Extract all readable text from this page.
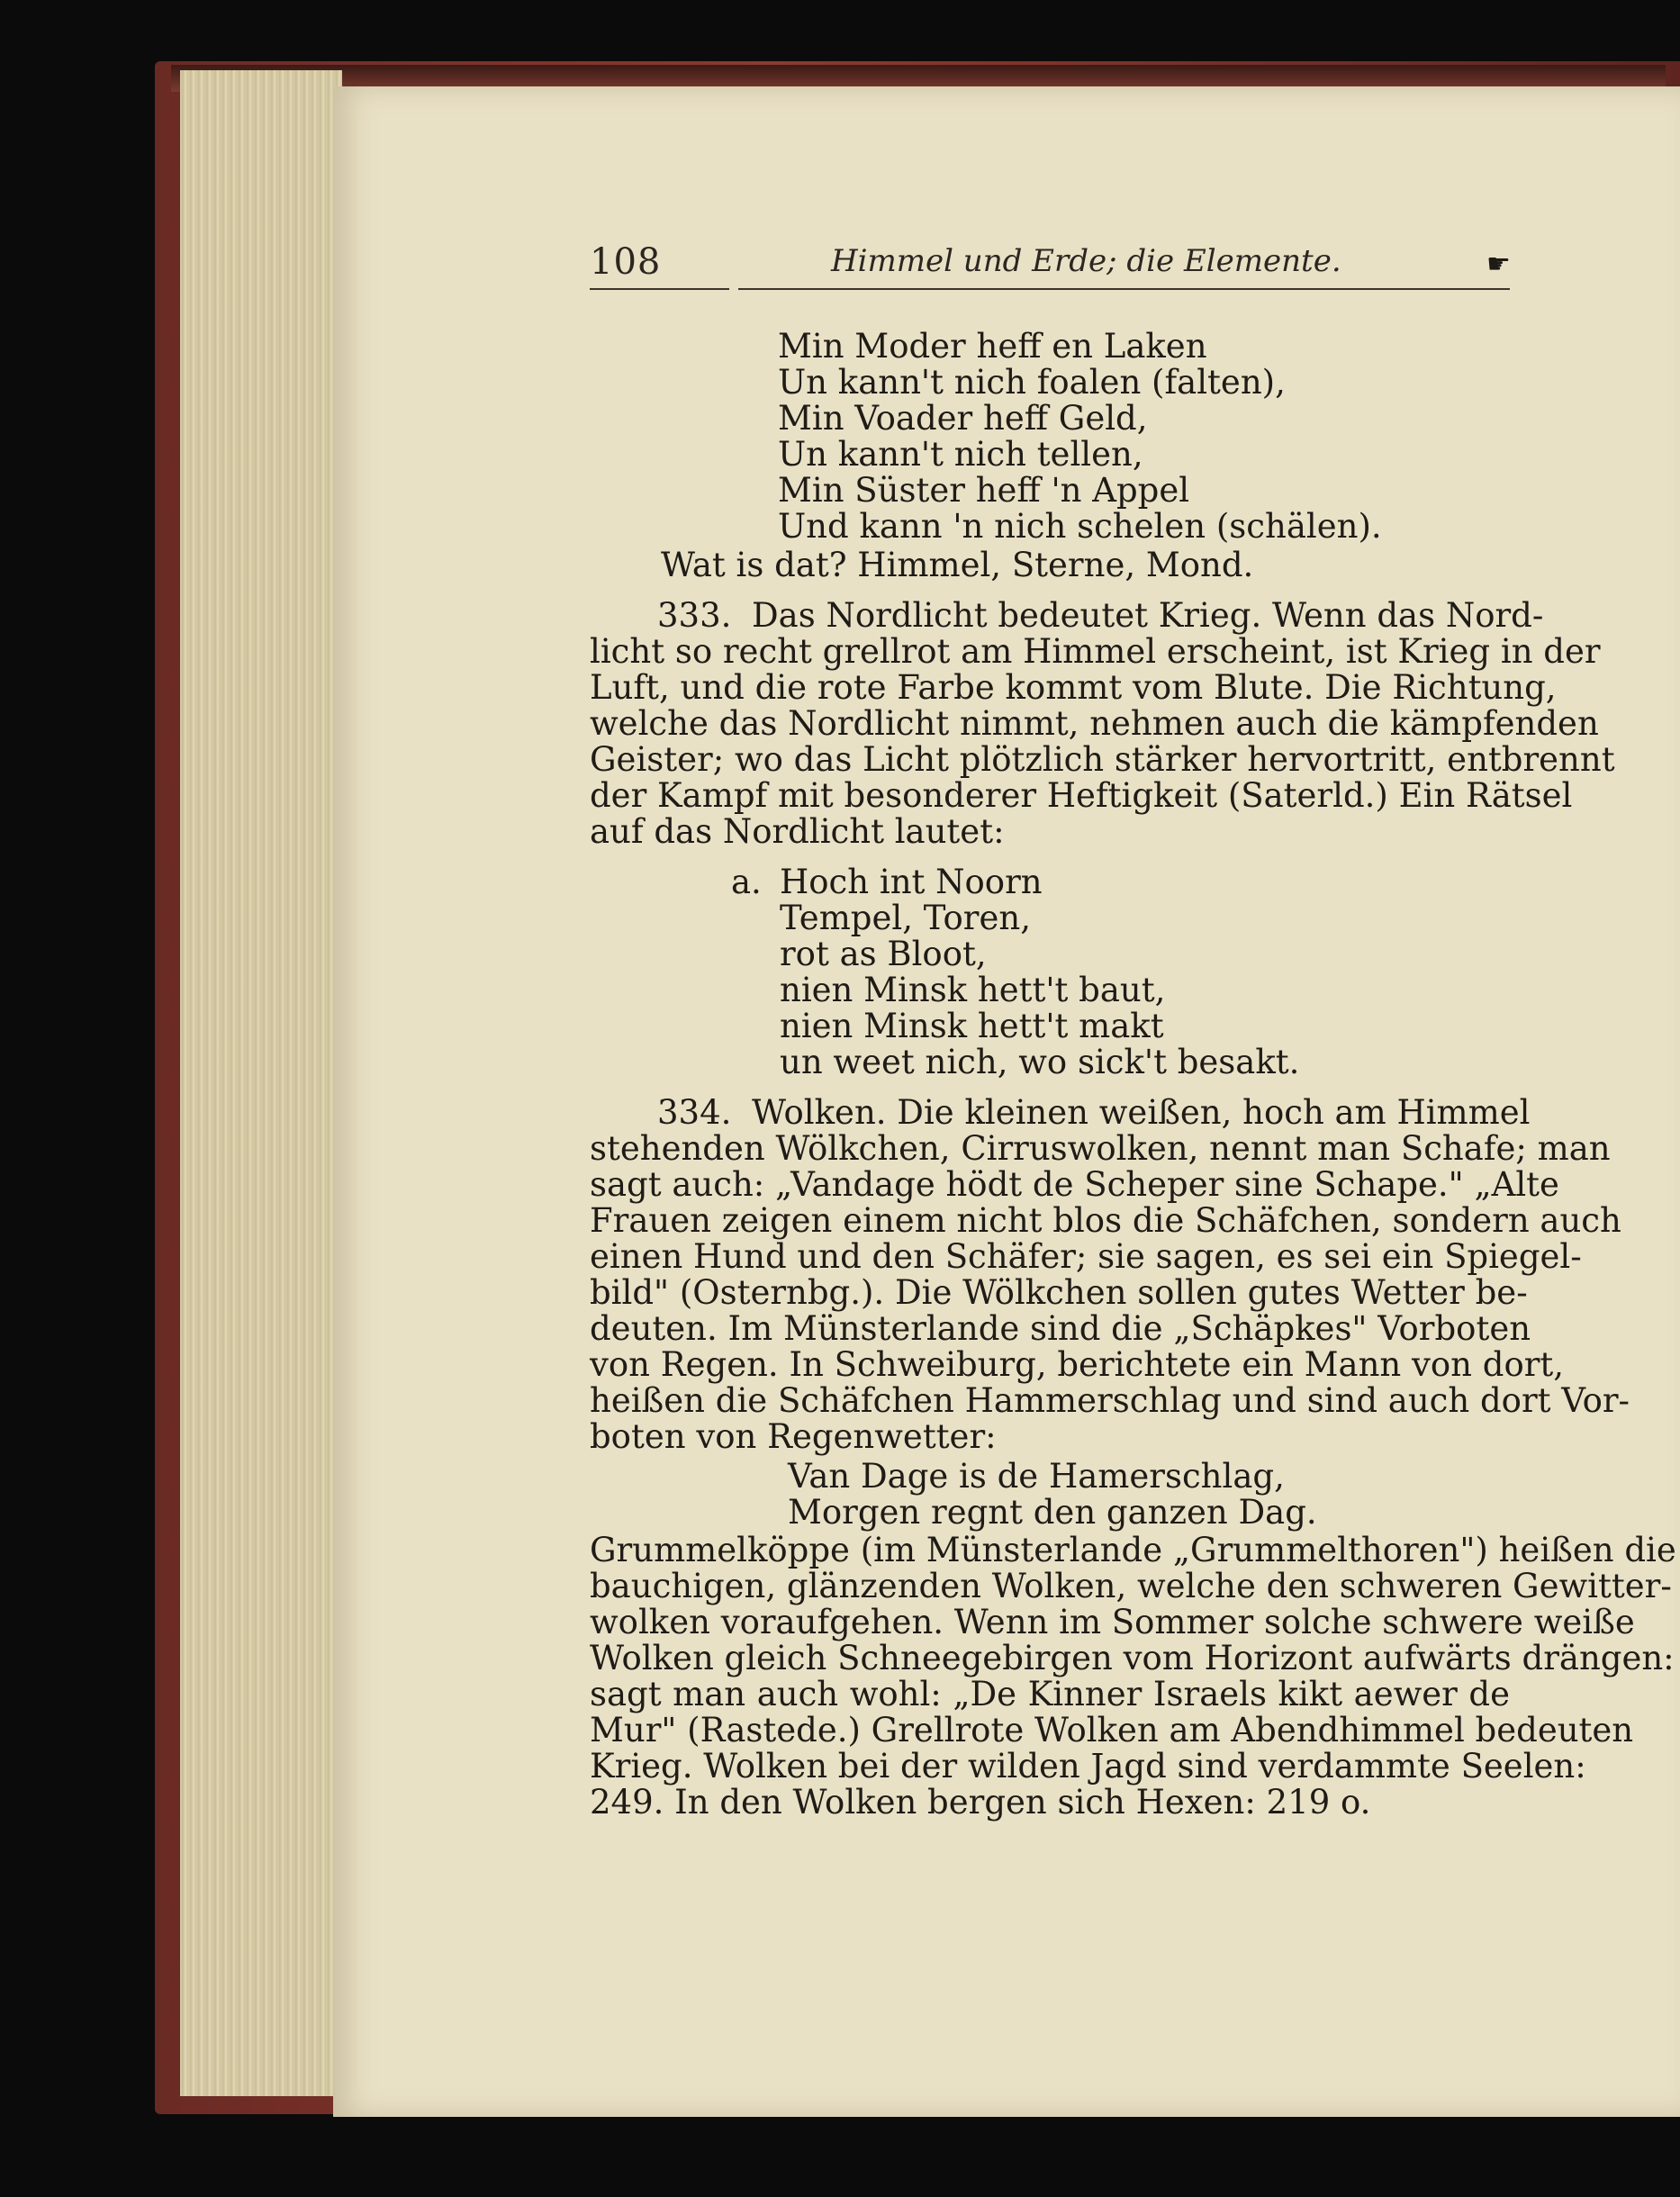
108	Himmel und Erde; die Elemente.	☛
Min Moder heff en Laken
Un kann't nich foalen (falten),
Min Voader heff Geld,
Un kann't nich tellen,
Min Süster heff 'n Appel
Und kann 'n nich schelen (schälen).
Wat is dat? Himmel, Sterne, Mond.
333. Das Nordlicht bedeutet Krieg. Wenn das Nord-
licht so recht grellrot am Himmel erscheint, ist Krieg in der
Luft, und die rote Farbe kommt vom Blute. Die Richtung,
welche das Nordlicht nimmt, nehmen auch die kämpfenden
Geister; wo das Licht plötzlich stärker hervortritt, entbrennt
der Kampf mit besonderer Heftigkeit (Saterld.) Ein Rätsel
auf das Nordlicht lautet:
a. Hoch int Noorn
Tempel, Toren,
rot as Bloot,
nien Minsk hett't baut,
nien Minsk hett't makt
un weet nich, wo sick't besakt.
334. Wolken. Die kleinen weißen, hoch am Himmel
stehenden Wölkchen, Cirruswolken, nennt man Schafe; man
sagt auch: „Vandage hödt de Scheper sine Schape." „Alte
Frauen zeigen einem nicht blos die Schäfchen, sondern auch
einen Hund und den Schäfer; sie sagen, es sei ein Spiegel-
bild" (Osternbg.). Die Wölkchen sollen gutes Wetter be-
deuten. Im Münsterlande sind die „Schäpkes" Vorboten
von Regen. In Schweiburg, berichtete ein Mann von dort,
heißen die Schäfchen Hammerschlag und sind auch dort Vor-
boten von Regenwetter:
Van Dage is de Hamerschlag,
Morgen regnt den ganzen Dag.
Grummelköppe (im Münsterlande „Grummelthoren") heißen die
bauchigen, glänzenden Wolken, welche den schweren Gewitter-
wolken voraufgehen. Wenn im Sommer solche schwere weiße
Wolken gleich Schneegebirgen vom Horizont aufwärts drängen:
sagt man auch wohl: „De Kinner Israels kikt aewer de
Mur" (Rastede.) Grellrote Wolken am Abendhimmel bedeuten
Krieg. Wolken bei der wilden Jagd sind verdammte Seelen:
249. In den Wolken bergen sich Hexen: 219 o.
